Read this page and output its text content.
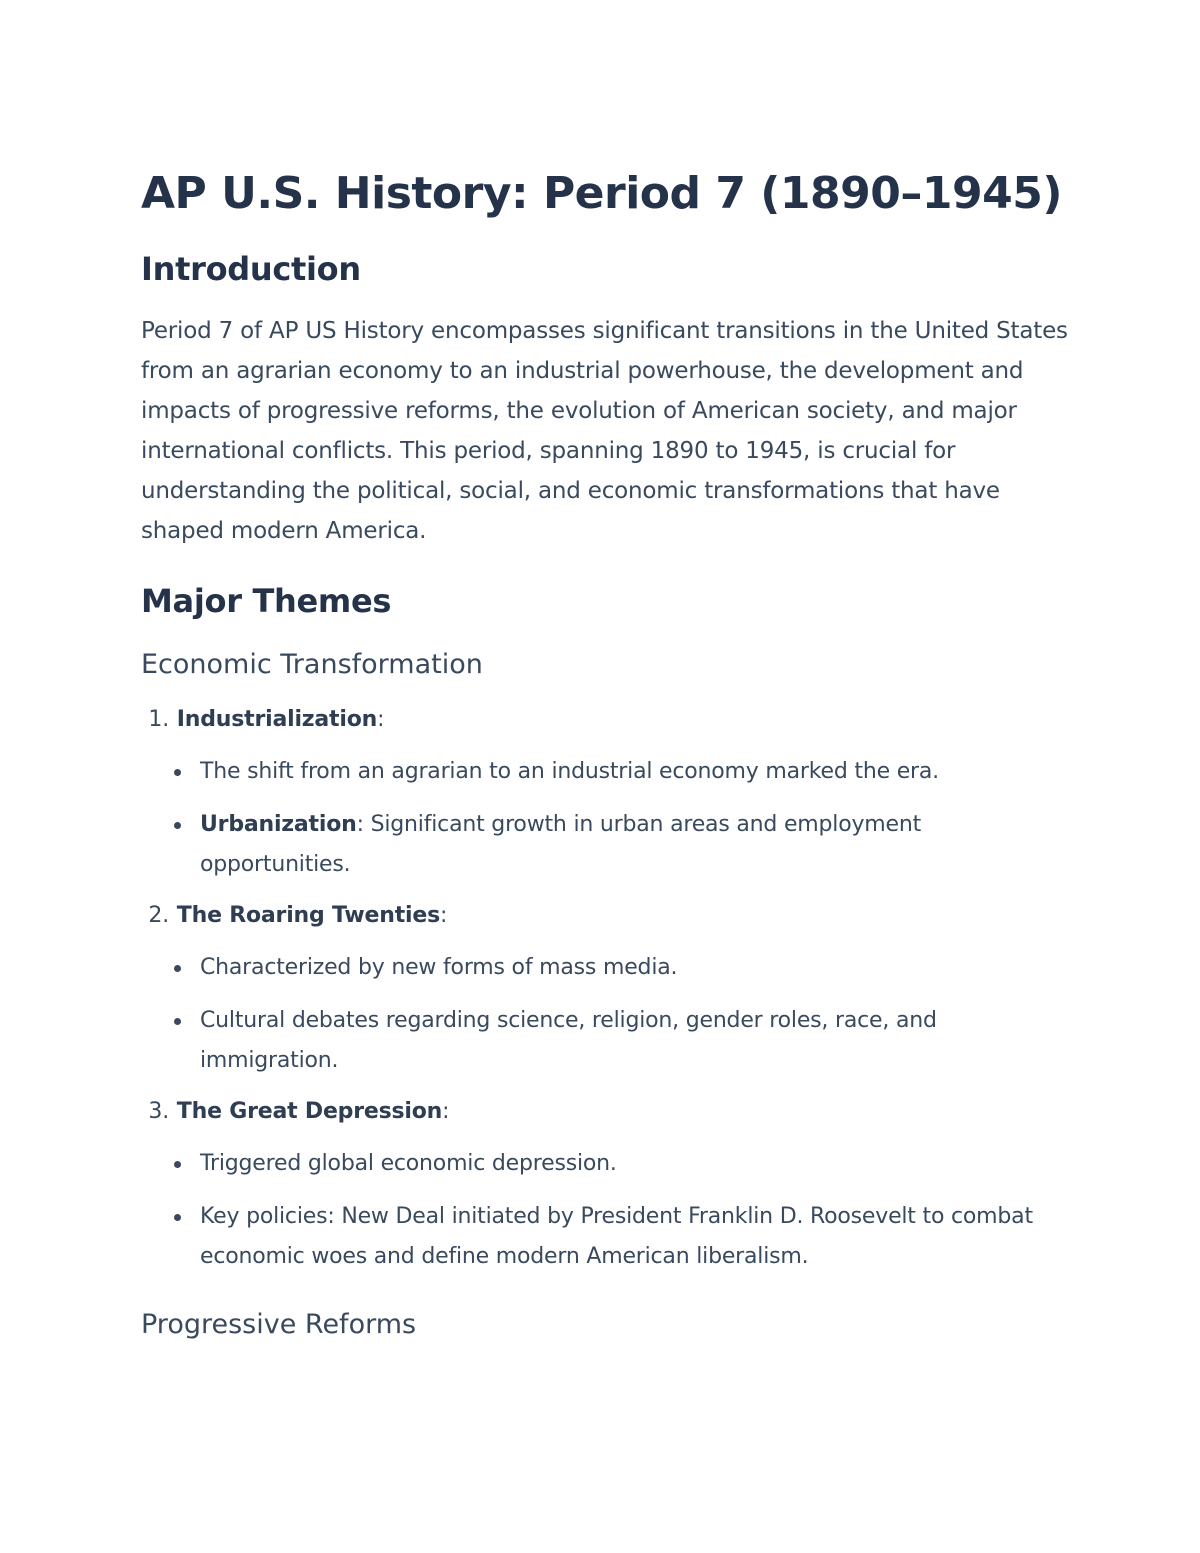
AP U.S. History: Period 7 (1890–1945)
Introduction

Period 7 of AP US History encompasses significant transitions in the United States from an agrarian economy to an industrial powerhouse, the development and impacts of progressive reforms, the evolution of American society, and major international conflicts. This period, spanning 1890 to 1945, is crucial for understanding the political, social, and economic transformations that have shaped modern America.

Major Themes
Economic Transformation
1. Industrialization:
The shift from an agrarian to an industrial economy marked the era.
Urbanization: Significant growth in urban areas and employment opportunities.
2. The Roaring Twenties:
Characterized by new forms of mass media.
Cultural debates regarding science, religion, gender roles, race, and immigration.
3. The Great Depression:
Triggered global economic depression.
Key policies: New Deal initiated by President Franklin D. Roosevelt to combat economic woes and define modern American liberalism.
Progressive Reforms
